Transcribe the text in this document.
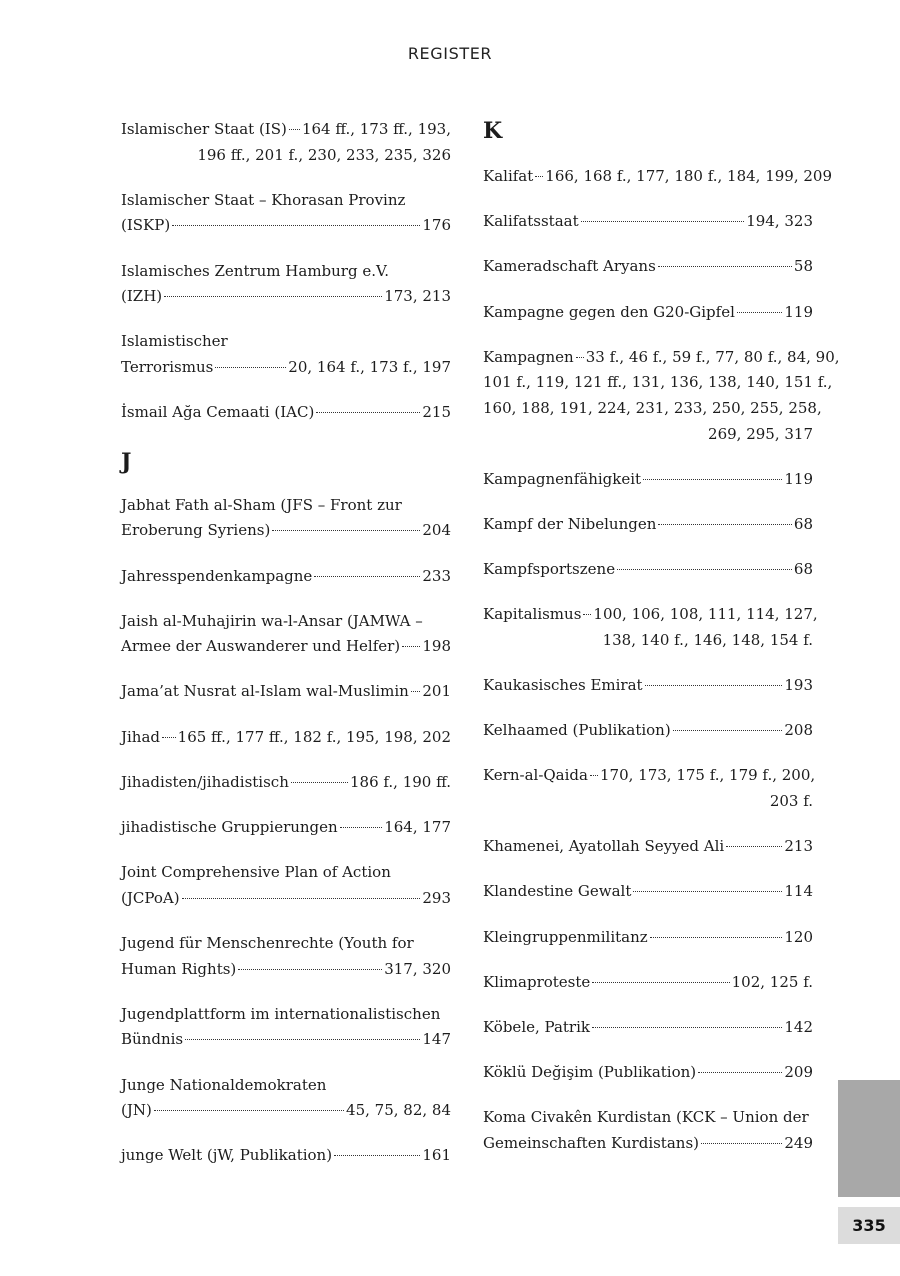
REGISTER
Islamischer Staat (IS) 164 ff., 173 ff., 193,
196 ff., 201 f., 230, 233, 235, 326
Islamischer Staat – Khorasan Provinz
(ISKP)	176
Islamisches Zentrum Hamburg e.V.
(IZH)	173, 213
Islamistischer
Terrorismus	20, 164 f., 173 f., 197
İsmail Ağa Cemaati (IAC)	215
J
Jabhat Fath al-Sham (JFS – Front zur
Eroberung Syriens)	204
Jahresspendenkampagne	233
Jaish al-Muhajirin wa-l-Ansar (JAMWA –
Armee der Auswanderer und Helfer) 198
Jama’at Nusrat al-Islam wal-Muslimin 201
Jihad 165 ff., 177 ff., 182 f., 195, 198, 202
Jihadisten/jihadistisch	186 f., 190 ff.
jihadistische Gruppierungen	164, 177
Joint Comprehensive Plan of Action
(JCPoA)	293
Jugend für Menschenrechte (Youth for
Human Rights)	317, 320
Jugendplattform im internationalistischen
Bündnis	147
Junge Nationaldemokraten
(JN)	45, 75, 82, 84
junge Welt (jW, Publikation)	161
K
Kalifat 166, 168 f., 177, 180 f., 184, 199, 209
Kalifatsstaat	194, 323
Kameradschaft Aryans	58
Kampagne gegen den G20-Gipfel	119
Kampagnen 33 f., 46 f., 59 f., 77, 80 f., 84, 90,
101 f., 119, 121 ff., 131, 136, 138, 140, 151 f.,
160, 188, 191, 224, 231, 233, 250, 255, 258,
269, 295, 317
Kampagnenfähigkeit	119
Kampf der Nibelungen	68
Kampfsportszene	68
Kapitalismus 100, 106, 108, 111, 114, 127,
138, 140 f., 146, 148, 154 f.
Kaukasisches Emirat	193
Kelhaamed (Publikation)	208
Kern-al-Qaida 170, 173, 175 f., 179 f., 200,
203 f.
Khamenei, Ayatollah Seyyed Ali	213
Klandestine Gewalt	114
Kleingruppenmilitanz	120
Klimaproteste	102, 125 f.
Köbele, Patrik	142
Köklü Değişim (Publikation)	209
Koma Civakên Kurdistan (KCK – Union der
Gemeinschaften Kurdistans)	249
335
